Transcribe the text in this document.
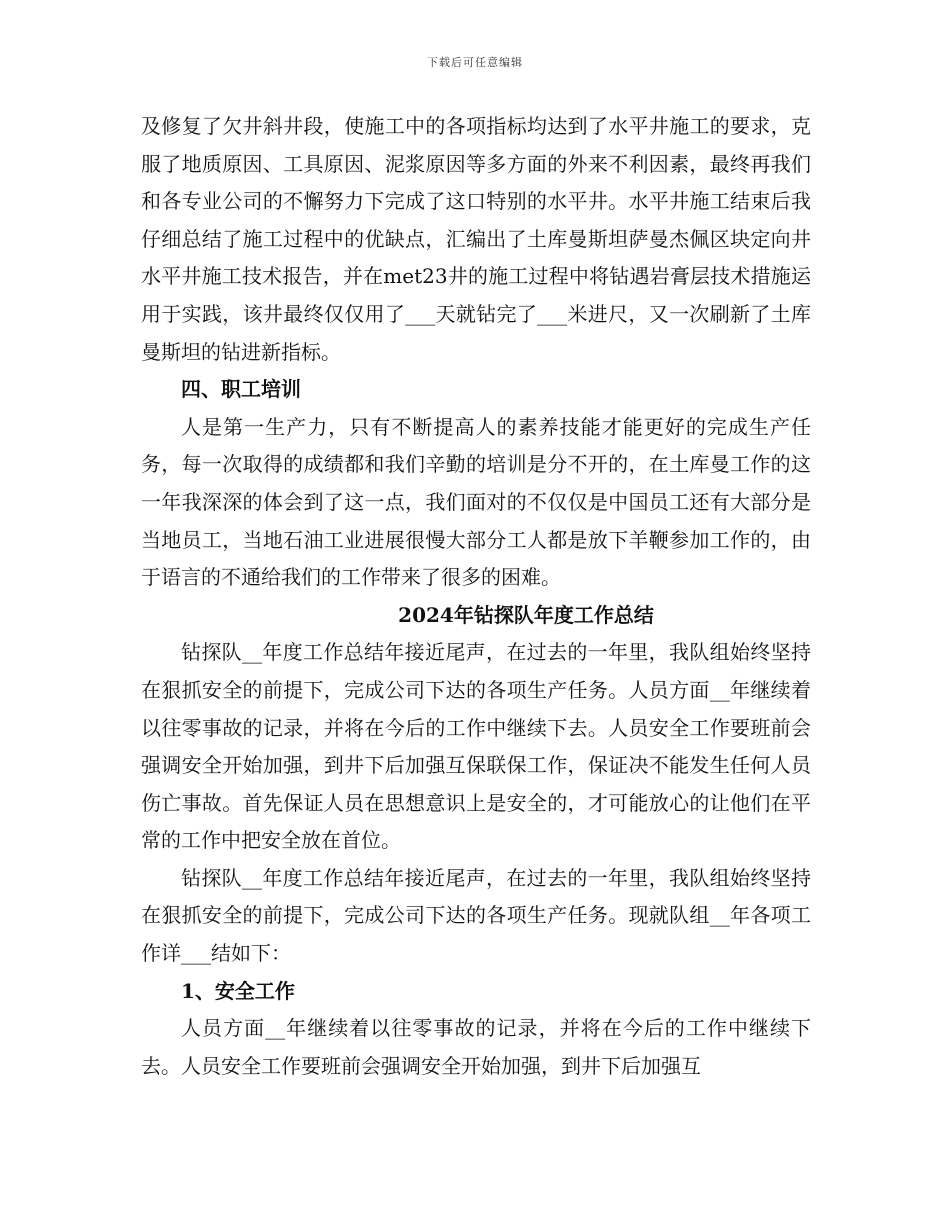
下载后可任意编辑

及修复了欠井斜井段，使施工中的各项指标均达到了水平井施工的要求，克服了地质原因、工具原因、泥浆原因等多方面的外来不利因素，最终再我们和各专业公司的不懈努力下完成了这口特别的水平井。水平井施工结束后我仔细总结了施工过程中的优缺点，汇编出了土库曼斯坦萨曼杰佩区块定向井水平井施工技术报告，并在met23井的施工过程中将钻遇岩膏层技术措施运用于实践，该井最终仅仅用了___天就钻完了___米进尺，又一次刷新了土库曼斯坦的钻进新指标。

四、职工培训

人是第一生产力，只有不断提高人的素养技能才能更好的完成生产任务，每一次取得的成绩都和我们辛勤的培训是分不开的，在土库曼工作的这一年我深深的体会到了这一点，我们面对的不仅仅是中国员工还有大部分是当地员工，当地石油工业进展很慢大部分工人都是放下羊鞭参加工作的，由于语言的不通给我们的工作带来了很多的困难。

2024年钻探队年度工作总结

钻探队__年度工作总结年接近尾声，在过去的一年里，我队组始终坚持在狠抓安全的前提下，完成公司下达的各项生产任务。人员方面__年继续着以往零事故的记录，并将在今后的工作中继续下去。人员安全工作要班前会强调安全开始加强，到井下后加强互保联保工作，保证决不能发生任何人员伤亡事故。首先保证人员在思想意识上是安全的，才可能放心的让他们在平常的工作中把安全放在首位。

钻探队__年度工作总结年接近尾声，在过去的一年里，我队组始终坚持在狠抓安全的前提下，完成公司下达的各项生产任务。现就队组__年各项工作详___结如下：

1、安全工作

人员方面__年继续着以往零事故的记录，并将在今后的工作中继续下去。人员安全工作要班前会强调安全开始加强，到井下后加强互
